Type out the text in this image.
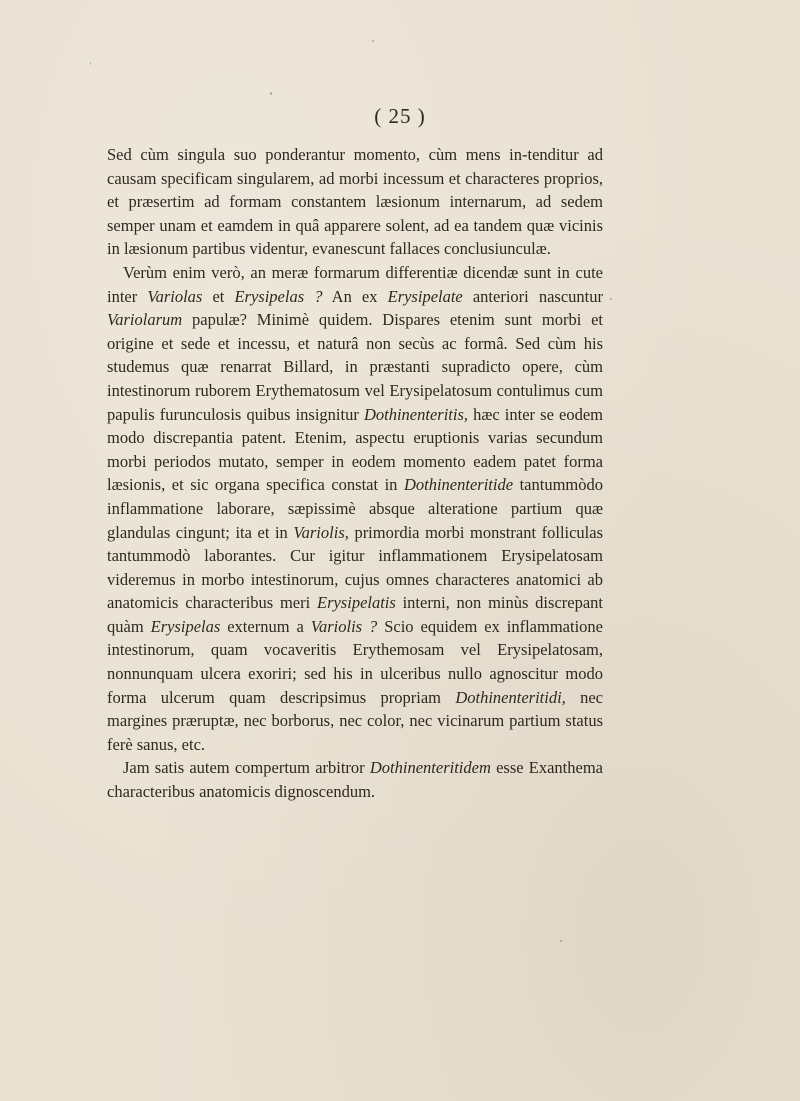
( 25 )

Sed cùm singula suo ponderantur momento, cùm mens in-tenditur ad causam specificam singularem, ad morbi incessum et characteres proprios, et præsertim ad formam constantem læsionum internarum, ad sedem semper unam et eamdem in quâ apparere solent, ad ea tandem quæ vicinis in læsionum partibus videntur, evanescunt fallaces conclusiunculæ.

Verùm enim verò, an meræ formarum differentiæ dicendæ sunt in cute inter Variolas et Erysipelas ? An ex Erysipelate anteriori nascuntur Variolarum papulæ? Minimè quidem. Dispares etenim sunt morbi et origine et sede et incessu, et naturâ non secùs ac formâ. Sed cùm his studemus quæ renarrat Billard, in præstanti supradicto opere, cùm intestinorum ruborem Erythematosum vel Erysipelatosum contulimus cum papulis furunculosis quibus insignitur Dothinenteritis, hæc inter se eodem modo discrepantia patent. Etenim, aspectu eruptionis varias secundum morbi periodos mutato, semper in eodem momento eadem patet forma læsionis, et sic organa specifica constat in Dothinenteritide tantummòdo inflammatione laborare, sæpissimè absque alteratione partium quæ glandulas cingunt; ita et in Variolis, primordia morbi monstrant folliculas tantummodò laborantes. Cur igitur inflammationem Erysipelatosam videremus in morbo intestinorum, cujus omnes characteres anatomici ab anatomicis characteribus meri Erysipelatis interni, non minùs discrepant quàm Erysipelas externum a Variolis ? Scio equidem ex inflammatione intestinorum, quam vocaveritis Erythemosam vel Erysipelatosam, nonnunquam ulcera exoriri; sed his in ulceribus nullo agnoscitur modo forma ulcerum quam descripsimus propriam Dothinenteritidi, nec margines præruptæ, nec borborus, nec color, nec vicinarum partium status ferè sanus, etc.

Jam satis autem compertum arbitror Dothinenteritidem esse Exanthema characteribus anatomicis dignoscendum.
